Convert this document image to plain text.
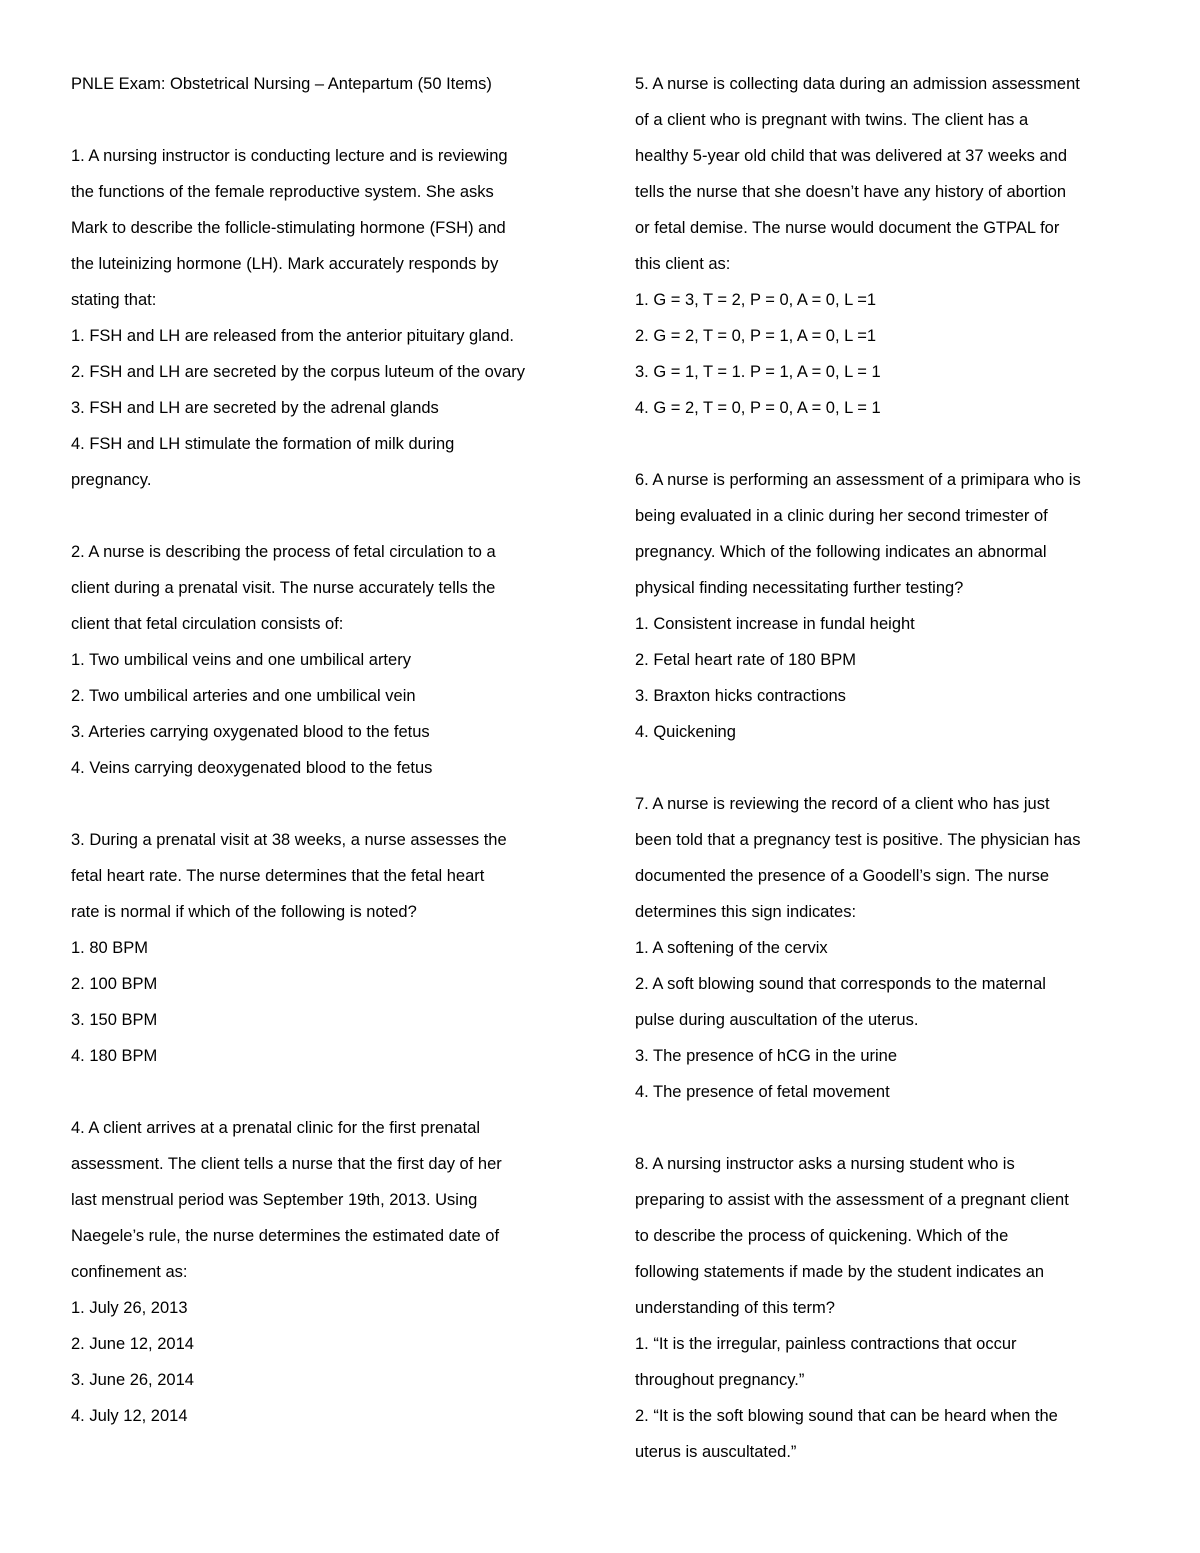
PNLE Exam: Obstetrical Nursing – Antepartum (50 Items)
1. A nursing instructor is conducting lecture and is reviewing
the functions of the female reproductive system. She asks
Mark to describe the follicle-stimulating hormone (FSH) and
the luteinizing hormone (LH). Mark accurately responds by
stating that:
1. FSH and LH are released from the anterior pituitary gland.
2. FSH and LH are secreted by the corpus luteum of the ovary
3. FSH and LH are secreted by the adrenal glands
4. FSH and LH stimulate the formation of milk during
pregnancy.
2. A nurse is describing the process of fetal circulation to a
client during a prenatal visit. The nurse accurately tells the
client that fetal circulation consists of:
1. Two umbilical veins and one umbilical artery
2. Two umbilical arteries and one umbilical vein
3. Arteries carrying oxygenated blood to the fetus
4. Veins carrying deoxygenated blood to the fetus
3. During a prenatal visit at 38 weeks, a nurse assesses the
fetal heart rate. The nurse determines that the fetal heart
rate is normal if which of the following is noted?
1. 80 BPM
2. 100 BPM
3. 150 BPM
4. 180 BPM
4. A client arrives at a prenatal clinic for the first prenatal
assessment. The client tells a nurse that the first day of her
last menstrual period was September 19th, 2013. Using
Naegele’s rule, the nurse determines the estimated date of
confinement as:
1. July 26, 2013
2. June 12, 2014
3. June 26, 2014
4. July 12, 2014
5. A nurse is collecting data during an admission assessment
of a client who is pregnant with twins. The client has a
healthy 5-year old child that was delivered at 37 weeks and
tells the nurse that she doesn’t have any history of abortion
or fetal demise. The nurse would document the GTPAL for
this client as:
1. G = 3, T = 2, P = 0, A = 0, L =1
2. G = 2, T = 0, P = 1, A = 0, L =1
3. G = 1, T = 1. P = 1, A = 0, L = 1
4. G = 2, T = 0, P = 0, A = 0, L = 1
6. A nurse is performing an assessment of a primipara who is
being evaluated in a clinic during her second trimester of
pregnancy. Which of the following indicates an abnormal
physical finding necessitating further testing?
1. Consistent increase in fundal height
2. Fetal heart rate of 180 BPM
3. Braxton hicks contractions
4. Quickening
7. A nurse is reviewing the record of a client who has just
been told that a pregnancy test is positive. The physician has
documented the presence of a Goodell’s sign. The nurse
determines this sign indicates:
1. A softening of the cervix
2. A soft blowing sound that corresponds to the maternal
pulse during auscultation of the uterus.
3. The presence of hCG in the urine
4. The presence of fetal movement
8. A nursing instructor asks a nursing student who is
preparing to assist with the assessment of a pregnant client
to describe the process of quickening. Which of the
following statements if made by the student indicates an
understanding of this term?
1. “It is the irregular, painless contractions that occur
throughout pregnancy.”
2. “It is the soft blowing sound that can be heard when the
uterus is auscultated.”
